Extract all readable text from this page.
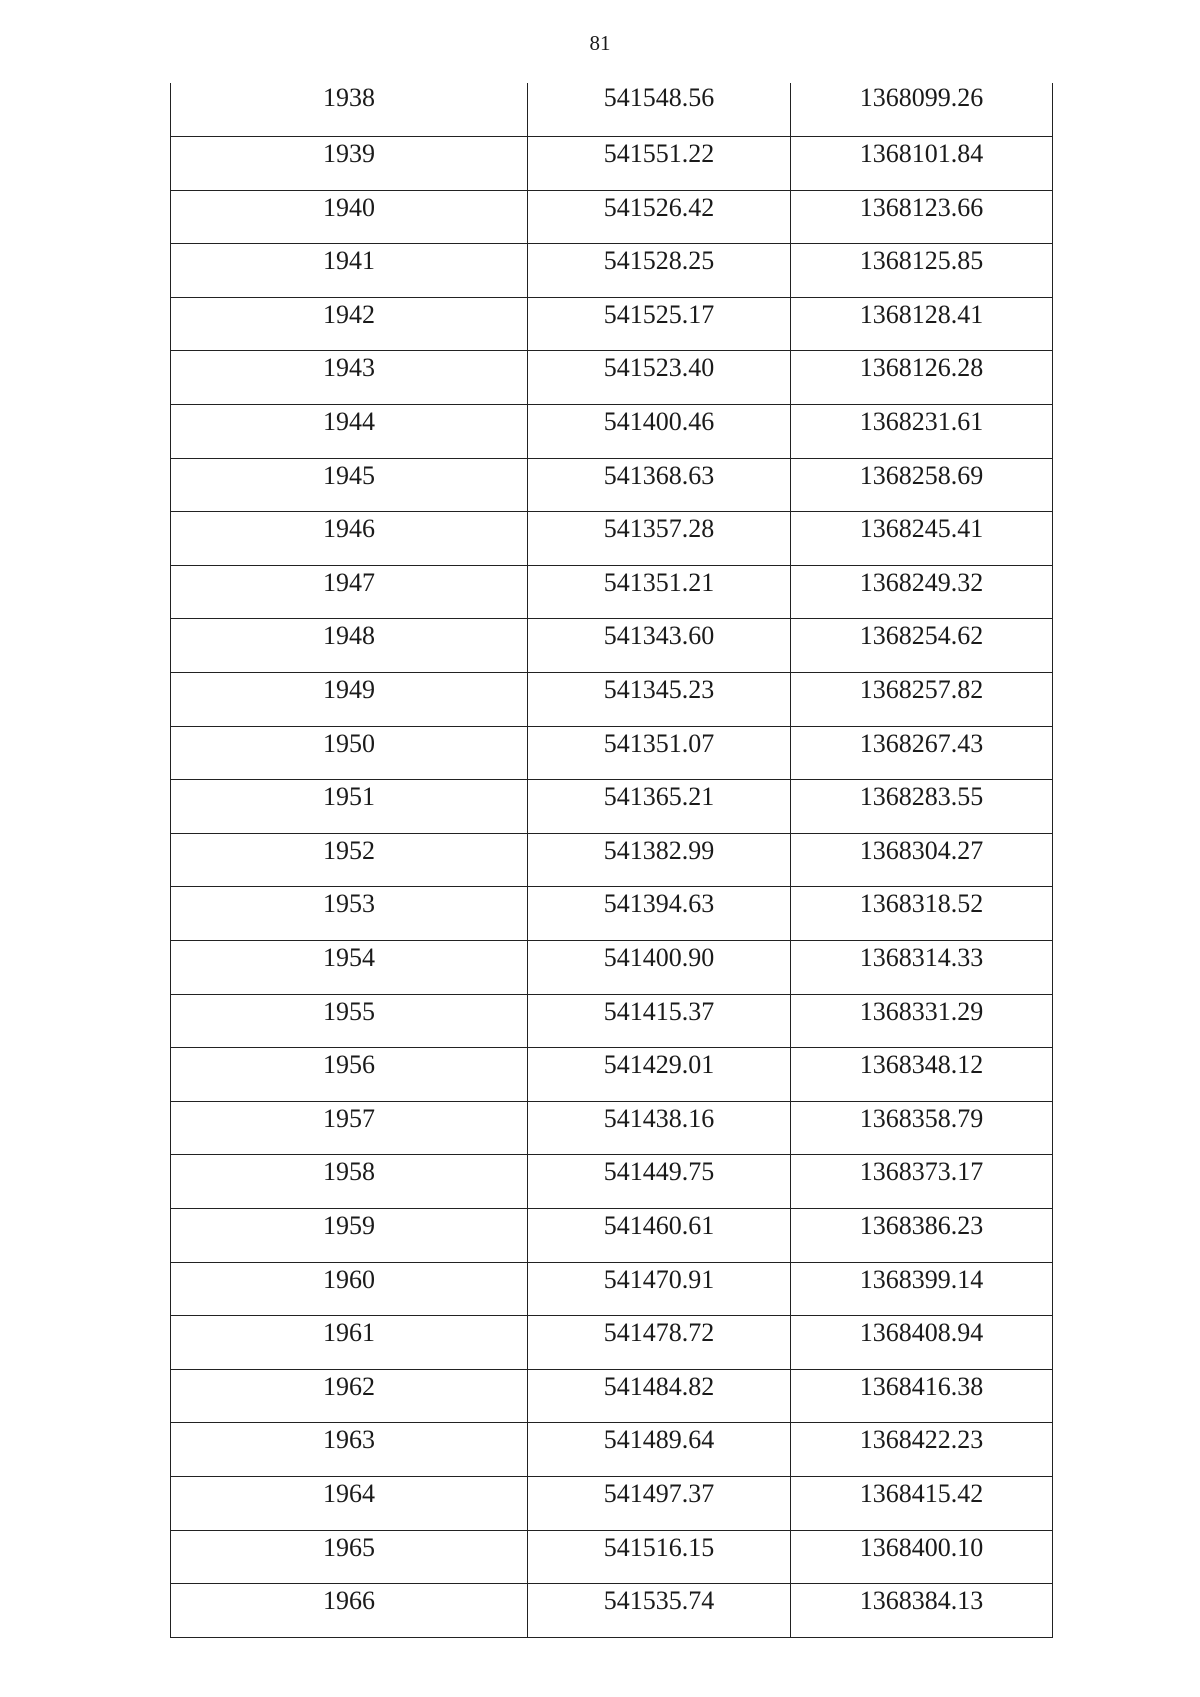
81
1938	541548.56	1368099.26
1939	541551.22	1368101.84
1940	541526.42	1368123.66
1941	541528.25	1368125.85
1942	541525.17	1368128.41
1943	541523.40	1368126.28
1944	541400.46	1368231.61
1945	541368.63	1368258.69
1946	541357.28	1368245.41
1947	541351.21	1368249.32
1948	541343.60	1368254.62
1949	541345.23	1368257.82
1950	541351.07	1368267.43
1951	541365.21	1368283.55
1952	541382.99	1368304.27
1953	541394.63	1368318.52
1954	541400.90	1368314.33
1955	541415.37	1368331.29
1956	541429.01	1368348.12
1957	541438.16	1368358.79
1958	541449.75	1368373.17
1959	541460.61	1368386.23
1960	541470.91	1368399.14
1961	541478.72	1368408.94
1962	541484.82	1368416.38
1963	541489.64	1368422.23
1964	541497.37	1368415.42
1965	541516.15	1368400.10
1966	541535.74	1368384.13
